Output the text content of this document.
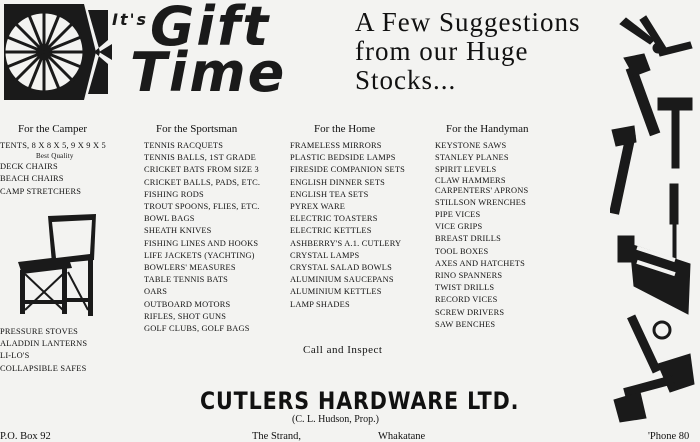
It's Gift
Time
A Few Suggestions
from our Huge
Stocks...
For the Camper
TENTS, 8 X 8 X 5, 9 X 9 X 5
Best Quality
DECK CHAIRS
BEACH CHAIRS
CAMP STRETCHERS
PRESSURE STOVES
ALADDIN LANTERNS
LI-LO'S
COLLAPSIBLE SAFES
For the Sportsman
TENNIS RACQUETS
TENNIS BALLS, 1ST GRADE
CRICKET BATS FROM SIZE 3
CRICKET BALLS, PADS, ETC.
FISHING RODS
TROUT SPOONS, FLIES, ETC.
BOWL BAGS
SHEATH KNIVES
FISHING LINES AND HOOKS
LIFE JACKETS (YACHTING)
BOWLERS' MEASURES
TABLE TENNIS BATS
OARS
OUTBOARD MOTORS
RIFLES, SHOT GUNS
GOLF CLUBS, GOLF BAGS
For the Home
FRAMELESS MIRRORS
PLASTIC BEDSIDE LAMPS
FIRESIDE COMPANION SETS
ENGLISH DINNER SETS
ENGLISH TEA SETS
PYREX WARE
ELECTRIC TOASTERS
ELECTRIC KETTLES
ASHBERRY'S A.1. CUTLERY
CRYSTAL LAMPS
CRYSTAL SALAD BOWLS
ALUMINIUM SAUCEPANS
ALUMINIUM KETTLES
LAMP SHADES
For the Handyman
KEYSTONE SAWS
STANLEY PLANES
SPIRIT LEVELS
CLAW HAMMERS
CARPENTERS' APRONS
STILLSON WRENCHES
PIPE VICES
VICE GRIPS
BREAST DRILLS
TOOL BOXES
AXES AND HATCHETS
RINO SPANNERS
TWIST DRILLS
RECORD VICES
SCREW DRIVERS
SAW BENCHES
Call and Inspect
CUTLERS HARDWARE LTD.
(C. L. Hudson, Prop.)
P.O. Box 92	The Strand,	Whakatane	'Phone 80
